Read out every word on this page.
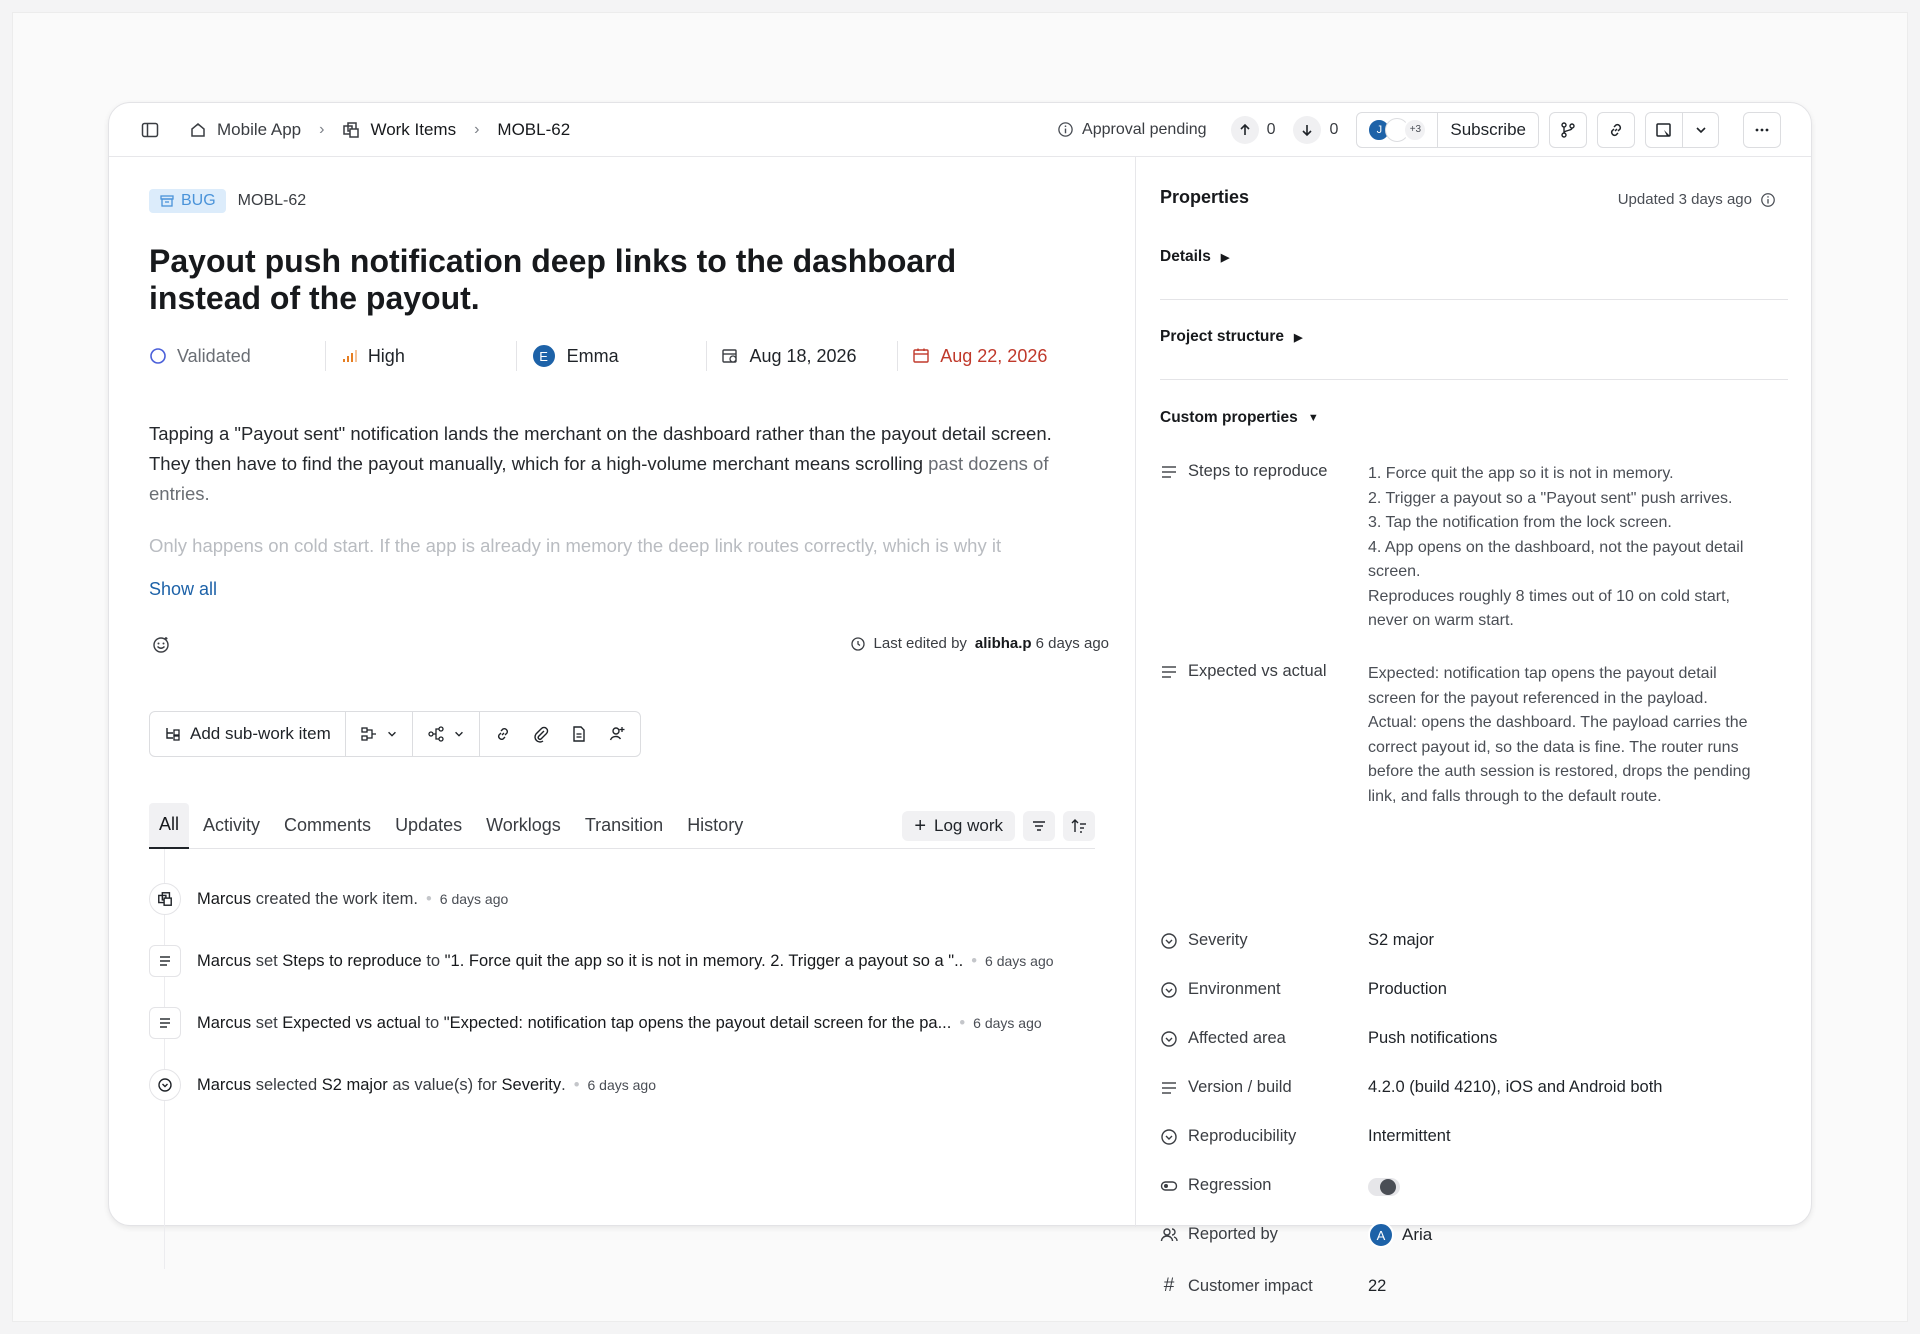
Mobile App ›	Work Items › MOBL-62	Approval pending	0	0	J	+3	Subscribe
BUG MOBL-62
Payout push notification deep links to the dashboard instead of the payout.
Validated	High	E	Emma	Aug 18, 2026	Aug 22, 2026
Tapping a "Payout sent" notification lands the merchant on the dashboard rather than the payout detail screen. They then have to find the payout manually, which for a high-volume merchant means scrolling past dozens of entries.
Only happens on cold start. If the app is already in memory the deep link routes correctly, which is why it
Show all
Last edited by alibha.p 6 days ago
Add sub-work item
All	Activity	Comments	Updates	Worklogs	Transition	History	+ Log work
Marcus
created the work item. • 6 days ago
Marcus
set
Steps to reproduce
to
"1. Force quit the app so it is not in memory. 2. Trigger a payout so a ".. • 6 days ago
Marcus
set
Expected vs actual
to
"Expected: notification tap opens the payout detail screen for the pa... • 6 days ago
Marcus
selected
S2 major
as value(s) for
Severity . • 6 days ago
Properties	Updated 3 days ago
Details ▶
Project structure ▶
Custom properties ▼
Steps to reproduce	1. Force quit the app so it is not in memory.
2. Trigger a payout so a "Payout sent" push arrives.
3. Tap the notification from the lock screen.
4. App opens on the dashboard, not the payout detail
screen.
Reproduces roughly 8 times out of 10 on cold start,
never on warm start.
Expected vs actual	Expected: notification tap opens the payout detail
screen for the payout referenced in the payload.
Actual: opens the dashboard. The payload carries the
correct payout id, so the data is fine. The router runs
before the auth session is restored, drops the pending
link, and falls through to the default route.
Severity	S2 major
Environment	Production
Affected area	Push notifications
Version / build	4.2.0 (build 4210), iOS and Android both
Reproducibility	Intermittent
Regression
Reported by	A Aria
# Customer impact	22
